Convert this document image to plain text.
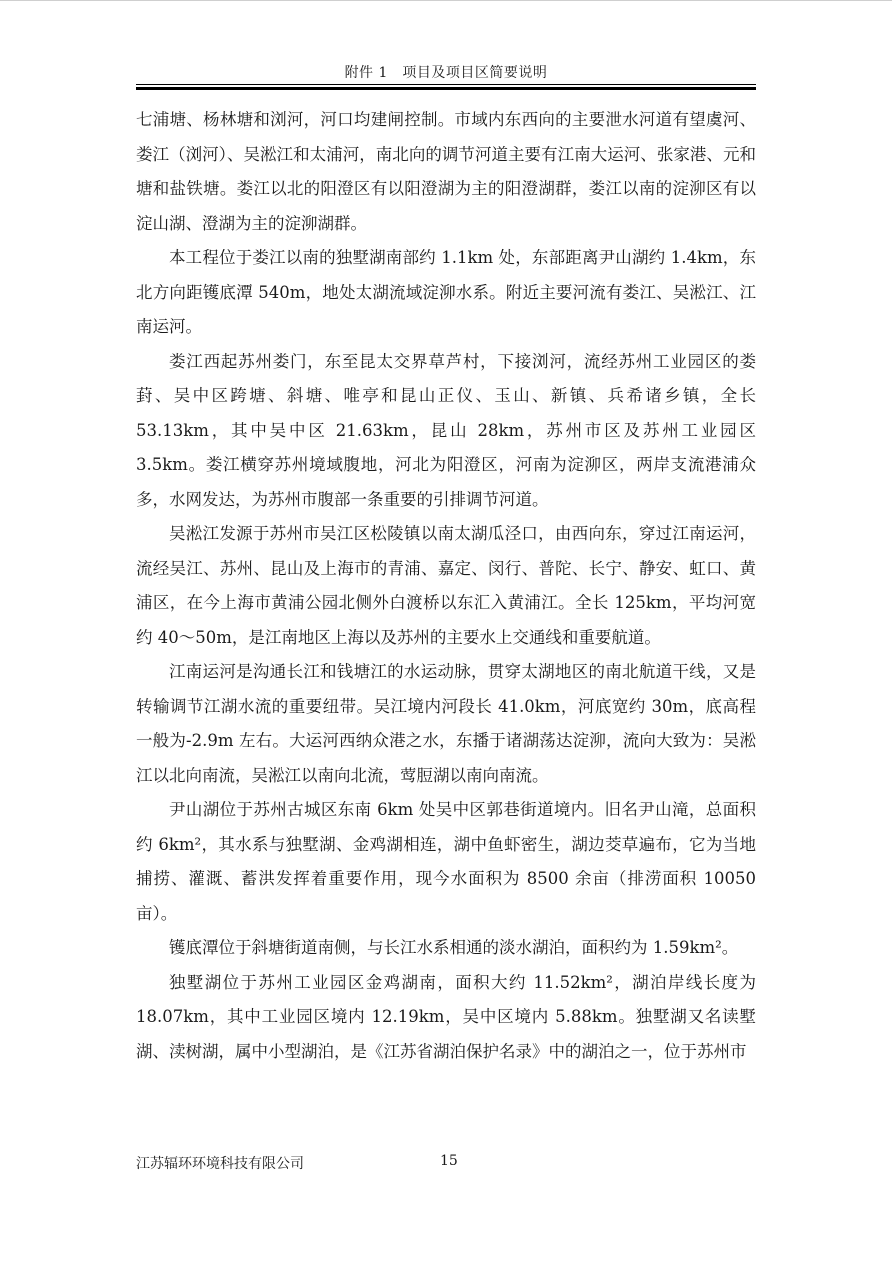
附件 1　项目及项目区简要说明

七浦塘、杨林塘和浏河，河口均建闸控制。市域内东西向的主要泄水河道有望虞河、娄江（浏河）、吴淞江和太浦河，南北向的调节河道主要有江南大运河、张家港、元和塘和盐铁塘。娄江以北的阳澄区有以阳澄湖为主的阳澄湖群，娄江以南的淀泖区有以淀山湖、澄湖为主的淀泖湖群。

本工程位于娄江以南的独墅湖南部约 1.1km 处，东部距离尹山湖约 1.4km，东北方向距镬底潭 540m，地处太湖流域淀泖水系。附近主要河流有娄江、吴淞江、江南运河。

娄江西起苏州娄门，东至昆太交界草芦村，下接浏河，流经苏州工业园区的娄葑、吴中区跨塘、斜塘、唯亭和昆山正仪、玉山、新镇、兵希诸乡镇，全长53.13km，其中吴中区 21.63km，昆山 28km，苏州市区及苏州工业园区 3.5km。娄江横穿苏州境域腹地，河北为阳澄区，河南为淀泖区，两岸支流港浦众多，水网发达，为苏州市腹部一条重要的引排调节河道。

吴淞江发源于苏州市吴江区松陵镇以南太湖瓜泾口，由西向东，穿过江南运河，流经吴江、苏州、昆山及上海市的青浦、嘉定、闵行、普陀、长宁、静安、虹口、黄浦区，在今上海市黄浦公园北侧外白渡桥以东汇入黄浦江。全长 125km，平均河宽约 40～50m，是江南地区上海以及苏州的主要水上交通线和重要航道。

江南运河是沟通长江和钱塘江的水运动脉，贯穿太湖地区的南北航道干线，又是转输调节江湖水流的重要纽带。吴江境内河段长 41.0km，河底宽约 30m，底高程一般为-2.9m 左右。大运河西纳众港之水，东播于诸湖荡达淀泖，流向大致为：吴淞江以北向南流，吴淞江以南向北流，莺脰湖以南向南流。

尹山湖位于苏州古城区东南 6km 处吴中区郭巷街道境内。旧名尹山滝，总面积约 6km²，其水系与独墅湖、金鸡湖相连，湖中鱼虾密生，湖边茭草遍布，它为当地捕捞、灌溉、蓄洪发挥着重要作用，现今水面积为 8500 余亩（排涝面积 10050 亩）。

镬底潭位于斜塘街道南侧，与长江水系相通的淡水湖泊，面积约为 1.59km²。

独墅湖位于苏州工业园区金鸡湖南，面积大约 11.52km²，湖泊岸线长度为18.07km，其中工业园区境内 12.19km，吴中区境内 5.88km。独墅湖又名读墅湖、渎树湖，属中小型湖泊，是《江苏省湖泊保护名录》中的湖泊之一，位于苏州市

江苏辐环环境科技有限公司	15
